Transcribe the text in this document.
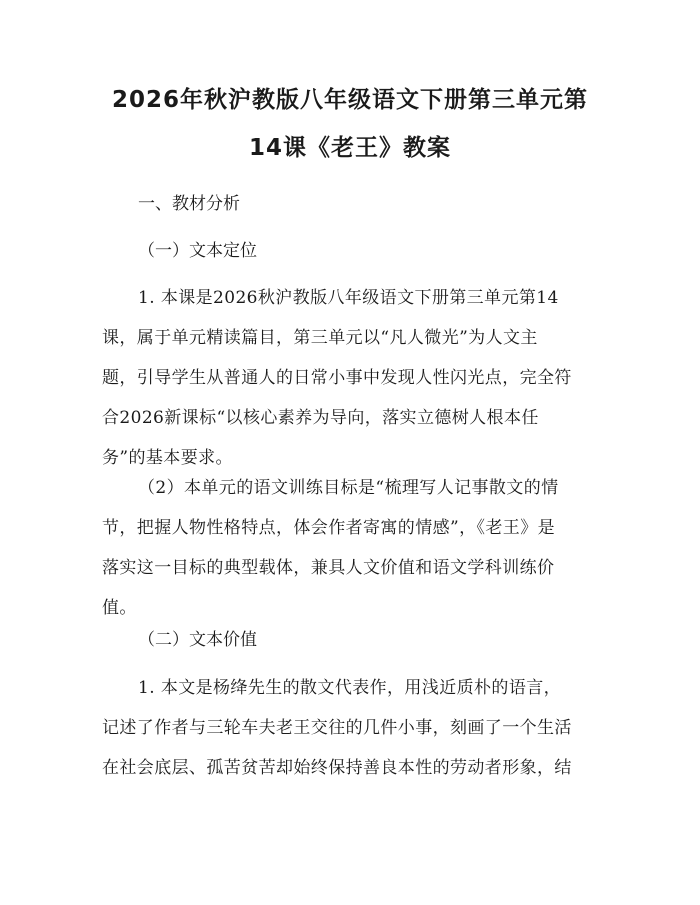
2026年秋沪教版八年级语文下册第三单元第
14课《老王》教案
一、教材分析
（一）文本定位
1. 本课是2026秋沪教版八年级语文下册第三单元第14
课，属于单元精读篇目，第三单元以“凡人微光”为人文主
题，引导学生从普通人的日常小事中发现人性闪光点，完全符
合2026新课标“以核心素养为导向，落实立德树人根本任
务”的基本要求。
（2）本单元的语文训练目标是“梳理写人记事散文的情
节，把握人物性格特点，体会作者寄寓的情感”，《老王》是
落实这一目标的典型载体，兼具人文价值和语文学科训练价
值。
（二）文本价值
1. 本文是杨绛先生的散文代表作，用浅近质朴的语言，
记述了作者与三轮车夫老王交往的几件小事，刻画了一个生活
在社会底层、孤苦贫苦却始终保持善良本性的劳动者形象，结
